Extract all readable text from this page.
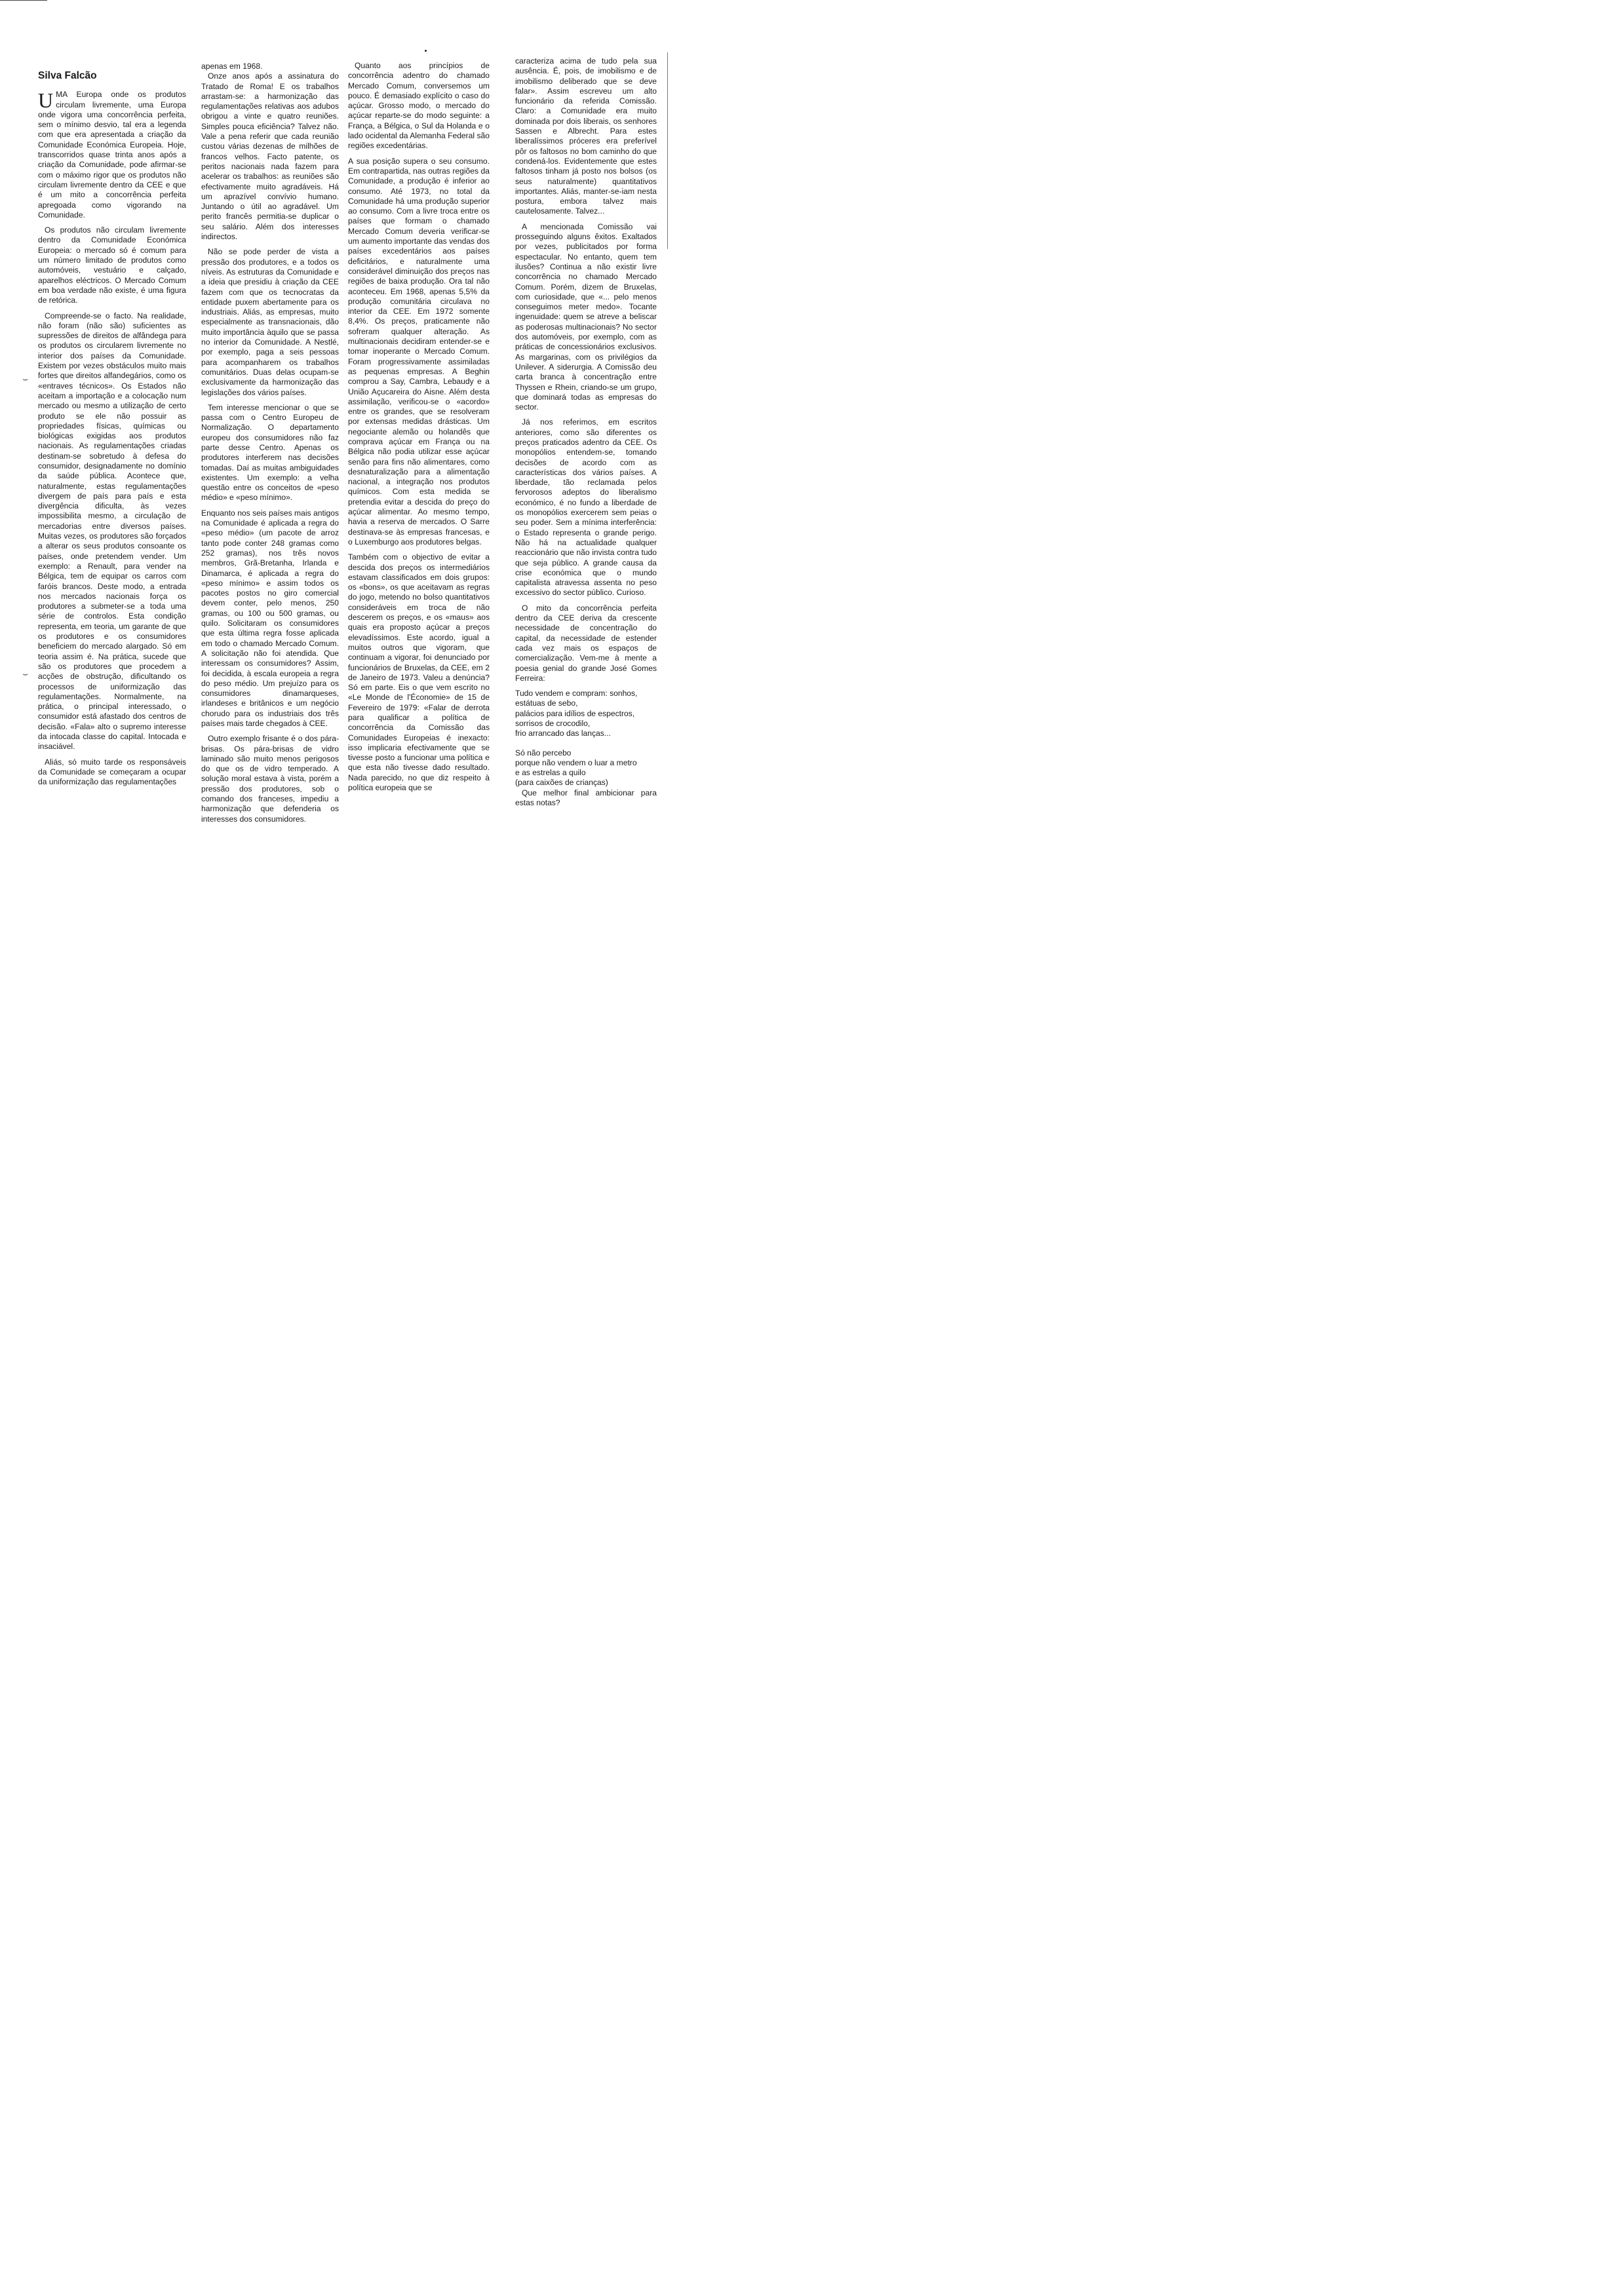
⌣
⌣
Silva Falcão

UMA Europa onde os produtos circulam livremente, uma Europa onde vigora uma concorrência perfeita, sem o mínimo desvio, tal era a legenda com que era apresentada a criação da Comunidade Económica Europeia. Hoje, transcorridos quase trinta anos após a criação da Comunidade, pode afirmar-se com o máximo rigor que os produtos não circulam livremente dentro da CEE e que é um mito a concorrência perfeita apregoada como vigorando na Comunidade.

Os produtos não circulam livremente dentro da Comunidade Económica Europeia: o mercado só é comum para um número limitado de produtos como automóveis, vestuário e calçado, aparelhos eléctricos. O Mercado Comum em boa verdade não existe, é uma figura de retórica.

Compreende-se o facto. Na realidade, não foram (não são) suficientes as supressões de direitos de alfândega para os produtos os circularem livremente no interior dos países da Comunidade. Existem por vezes obstáculos muito mais fortes que direitos alfandegários, como os «entraves técnicos». Os Estados não aceitam a importação e a colocação num mercado ou mesmo a utilização de certo produto se ele não possuir as propriedades físicas, químicas ou biológicas exigidas aos produtos nacionais. As regulamentações criadas destinam-se sobretudo à defesa do consumidor, designadamente no domínio da saúde pública. Acontece que, naturalmente, estas regulamentações divergem de país para país e esta divergência dificulta, às vezes impossibilita mesmo, a circulação de mercadorias entre diversos países. Muitas vezes, os produtores são forçados a alterar os seus produtos consoante os países, onde pretendem vender. Um exemplo: a Renault, para vender na Bélgica, tem de equipar os carros com faróis brancos. Deste modo, a entrada nos mercados nacionais força os produtores a submeter-se a toda uma série de controlos. Esta condição representa, em teoria, um garante de que os produtores e os consumidores beneficiem do mercado alargado. Só em teoria assim é. Na prática, sucede que são os produtores que procedem a acções de obstrução, dificultando os processos de uniformização das regulamentações. Normalmente, na prática, o principal interessado, o consumidor está afastado dos centros de decisão. «Fala» alto o supremo interesse da intocada classe do capital. Intocada e insaciável.

Aliás, só muito tarde os responsáveis da Comunidade se começaram a ocupar da uniformização das regulamentações

apenas em 1968.

Onze anos após a assinatura do Tratado de Roma! E os trabalhos arrastam-se: a harmonização das regulamentações relativas aos adubos obrigou a vinte e quatro reuniões. Simples pouca eficiência? Talvez não. Vale a pena referir que cada reunião custou várias dezenas de milhões de francos velhos. Facto patente, os peritos nacionais nada fazem para acelerar os trabalhos: as reuniões são efectivamente muito agradáveis. Há um aprazível convívio humano. Juntando o útil ao agradável. Um perito francês permitia-se duplicar o seu salário. Além dos interesses indirectos.

Não se pode perder de vista a pressão dos produtores, e a todos os níveis. As estruturas da Comunidade e a ideia que presidiu à criação da CEE fazem com que os tecnocratas da entidade puxem abertamente para os industriais. Aliás, as empresas, muito especialmente as transnacionais, dão muito importância àquilo que se passa no interior da Comunidade. A Nestlé, por exemplo, paga a seis pessoas para acompanharem os trabalhos comunitários. Duas delas ocupam-se exclusivamente da harmonização das legislações dos vários países.

Tem interesse mencionar o que se passa com o Centro Europeu de Normalização. O departamento europeu dos consumidores não faz parte desse Centro. Apenas os produtores interferem nas decisões tomadas. Daí as muitas ambiguidades existentes. Um exemplo: a velha questão entre os conceitos de «peso médio» e «peso mínimo».

Enquanto nos seis países mais antigos na Comunidade é aplicada a regra do «peso médio» (um pacote de arroz tanto pode conter 248 gramas como 252 gramas), nos três novos membros, Grã-Bretanha, Irlanda e Dinamarca, é aplicada a regra do «peso mínimo» e assim todos os pacotes postos no giro comercial devem conter, pelo menos, 250 gramas, ou 100 ou 500 gramas, ou quilo. Solicitaram os consumidores que esta última regra fosse aplicada em todo o chamado Mercado Comum. A solicitação não foi atendida. Que interessam os consumidores? Assim, foi decidida, à escala europeia a regra do peso médio. Um prejuízo para os consumidores dinamarqueses, irlandeses e britânicos e um negócio chorudo para os industriais dos três países mais tarde chegados à CEE.

Outro exemplo frisante é o dos pára-brisas. Os pára-brisas de vidro laminado são muito menos perigosos do que os de vidro temperado. A solução moral estava à vista, porém a pressão dos produtores, sob o comando dos franceses, impediu a harmonização que defenderia os interesses dos consumidores.

Quanto aos princípios de concorrência adentro do chamado Mercado Comum, conversemos um pouco. É demasiado explícito o caso do açúcar. Grosso modo, o mercado do açúcar reparte-se do modo seguinte: a França, a Bélgica, o Sul da Holanda e o lado ocidental da Alemanha Federal são regiões excedentárias.

A sua posição supera o seu consumo. Em contrapartida, nas outras regiões da Comunidade, a produção é inferior ao consumo. Até 1973, no total da Comunidade há uma produção superior ao consumo. Com a livre troca entre os países que formam o chamado Mercado Comum deveria verificar-se um aumento importante das vendas dos países excedentários aos países deficitários, e naturalmente uma considerável diminuição dos preços nas regiões de baixa produção. Ora tal não aconteceu. Em 1968, apenas 5,5% da produção comunitária circulava no interior da CEE. Em 1972 somente 8,4%. Os preços, praticamente não sofreram qualquer alteração. As multinacionais decidiram entender-se e tomar inoperante o Mercado Comum. Foram progressivamente assimiladas as pequenas empresas. A Beghin comprou a Say, Cambra, Lebaudy e a União Açucareira do Aisne. Além desta assimilação, verificou-se o «acordo» entre os grandes, que se resolveram por extensas medidas drásticas. Um negociante alemão ou holandês que comprava açúcar em França ou na Bélgica não podia utilizar esse açúcar senão para fins não alimentares, como desnaturalização para a alimentação nacional, a integração nos produtos químicos. Com esta medida se pretendia evitar a descida do preço do açúcar alimentar. Ao mesmo tempo, havia a reserva de mercados. O Sarre destinava-se às empresas francesas, e o Luxemburgo aos produtores belgas.

Também com o objectivo de evitar a descida dos preços os intermediários estavam classificados em dois grupos: os «bons», os que aceitavam as regras do jogo, metendo no bolso quantitativos consideráveis em troca de não descerem os preços, e os «maus» aos quais era proposto açúcar a preços elevadíssimos. Este acordo, igual a muitos outros que vigoram, que continuam a vigorar, foi denunciado por funcionários de Bruxelas, da CEE, em 2 de Janeiro de 1973. Valeu a denúncia? Só em parte. Eis o que vem escrito no «Le Monde de l'Économie» de 15 de Fevereiro de 1979: «Falar de derrota para qualificar a política de concorrência da Comissão das Comunidades Europeias é inexacto: isso implicaria efectivamente que se tivesse posto a funcionar uma política e que esta não tivesse dado resultado. Nada parecido, no que diz respeito à política europeia que se

caracteriza acima de tudo pela sua ausência. É, pois, de imobilismo e de imobilismo deliberado que se deve falar». Assim escreveu um alto funcionário da referida Comissão. Claro: a Comunidade era muito dominada por dois liberais, os senhores Sassen e Albrecht. Para estes liberalíssimos próceres era preferível pôr os faltosos no bom caminho do que condená-los. Evidentemente que estes faltosos tinham já posto nos bolsos (os seus naturalmente) quantitativos importantes. Aliás, manter-se-iam nesta postura, embora talvez mais cautelosamente. Talvez...

A mencionada Comissão vai prosseguindo alguns êxitos. Exaltados por vezes, publicitados por forma espectacular. No entanto, quem tem ilusões? Continua a não existir livre concorrência no chamado Mercado Comum. Porém, dizem de Bruxelas, com curiosidade, que «... pelo menos conseguimos meter medo». Tocante ingenuidade: quem se atreve a beliscar as poderosas multinacionais? No sector dos automóveis, por exemplo, com as práticas de concessionários exclusivos. As margarinas, com os privilégios da Unilever. A siderurgia. A Comissão deu carta branca à concentração entre Thyssen e Rhein, criando-se um grupo, que dominará todas as empresas do sector.

Já nos referimos, em escritos anteriores, como são diferentes os preços praticados adentro da CEE. Os monopólios entendem-se, tomando decisões de acordo com as características dos vários países. A liberdade, tão reclamada pelos fervorosos adeptos do liberalismo económico, é no fundo a liberdade de os monopólios exercerem sem peias o seu poder. Sem a mínima interferência: o Estado representa o grande perigo. Não há na actualidade qualquer reaccionário que não invista contra tudo que seja público. A grande causa da crise económica que o mundo capitalista atravessa assenta no peso excessivo do sector público. Curioso.

O mito da concorrência perfeita dentro da CEE deriva da crescente necessidade de concentração do capital, da necessidade de estender cada vez mais os espaços de comercialização. Vem-me à mente a poesia genial do grande José Gomes Ferreira:

Tudo vendem e compram: sonhos, estátuas de sebo,
palácios para idílios de espectros,
sorrisos de crocodilo,
frio arrancado das lanças...
Só não percebo
porque não vendem o luar a metro
e as estrelas a quilo
(para caixões de crianças)

Que melhor final ambicionar para estas notas?
